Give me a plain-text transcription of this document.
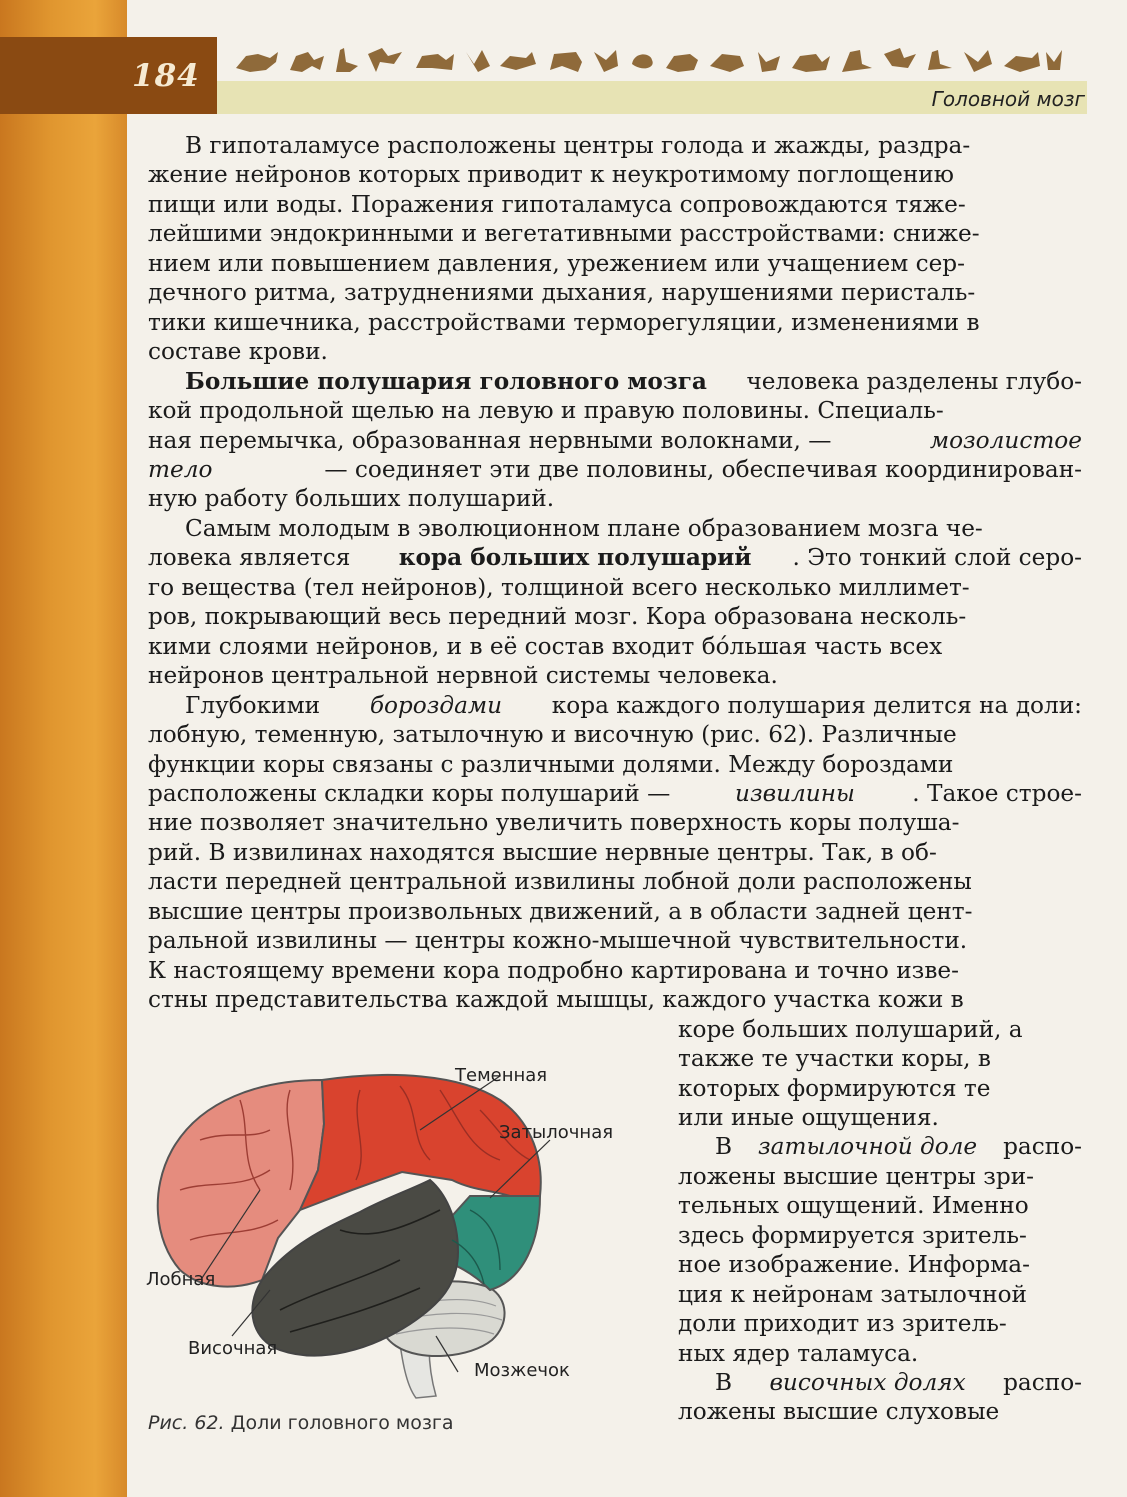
184
Головной мозг
В гипоталамусе расположены центры голода и жажды, раздра-
жение нейронов которых приводит к неукротимому поглощению
пищи или воды. Поражения гипоталамуса сопровождаются тяже-
лейшими эндокринными и вегетативными расстройствами: сниже-
нием или повышением давления, урежением или учащением сер-
дечного ритма, затруднениями дыхания, нарушениями перисталь-
тики кишечника, расстройствами терморегуляции, изменениями в
составе крови.
Большие полушария головного мозга человека разделены глубо-
кой продольной щелью на левую и правую половины. Специаль-
ная перемычка, образованная нервными волокнами, —	мозолистое
тело	— соединяет эти две половины, обеспечивая координирован-
ную работу больших полушарий.
Самым молодым в эволюционном плане образованием мозга че-
ловека является кора больших полушарий . Это тонкий слой серо-
го вещества (тел нейронов), толщиной всего несколько миллимет-
ров, покрывающий весь передний мозг. Кора образована несколь-
кими слоями нейронов, и в её состав входит бóльшая часть всех
нейронов центральной нервной системы человека.
Глубокими бороздами кора каждого полушария делится на доли:
лобную, теменную, затылочную и височную (рис. 62). Различные
функции коры связаны с различными долями. Между бороздами
расположены складки коры полушарий — извилины . Такое строе-
ние позволяет значительно увеличить поверхность коры полуша-
рий. В извилинах находятся высшие нервные центры. Так, в об-
ласти передней центральной извилины лобной доли расположены
высшие центры произвольных движений, а в области задней цент-
ральной извилины — центры кожно-мышечной чувствительности.
К настоящему времени кора подробно картирована и точно изве-
стны представительства каждой мышцы, каждого участка кожи в
коре больших полушарий, а
также те участки коры, в
которых формируются те
или иные ощущения.
В затылочной доле распо-
ложены высшие центры зри-
тельных ощущений. Именно
здесь формируется зритель-
ное изображение. Информа-
ция к нейронам затылочной
доли приходит из зритель-
ных ядер таламуса.
В височных долях распо-
ложены высшие слуховые
Теменная
Затылочная
Лобная
Височная
Мозжечок
Рис. 62. Доли головного мозга
